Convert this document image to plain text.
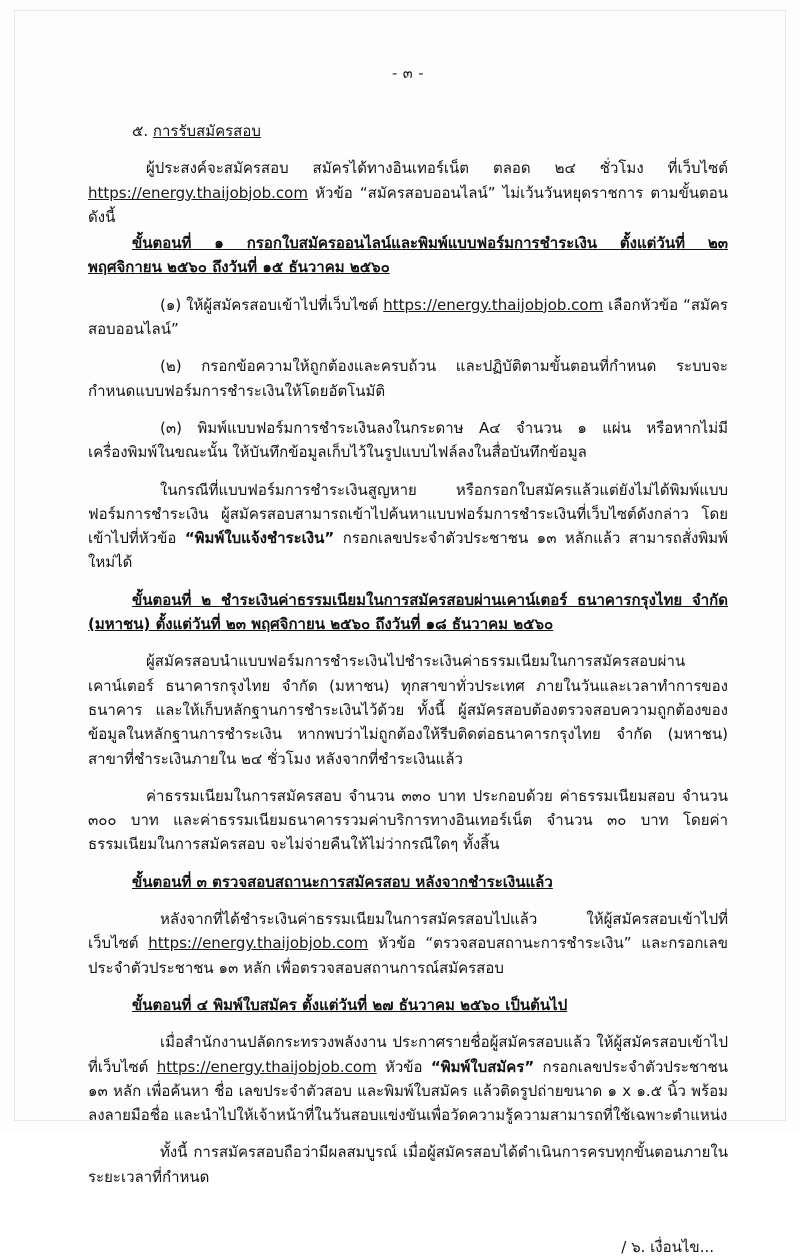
- ๓ -

๕. การรับสมัครสอบ

ผู้ประสงค์จะสมัครสอบ สมัครได้ทางอินเทอร์เน็ต ตลอด ๒๔ ชั่วโมง ที่เว็บไซต์ https://energy.thaijobjob.com หัวข้อ “สมัครสอบออนไลน์” ไม่เว้นวันหยุดราชการ ตามขั้นตอน ดังนี้

ขั้นตอนที่ ๑ กรอกใบสมัครออนไลน์และพิมพ์แบบฟอร์มการชำระเงิน ตั้งแต่วันที่ ๒๓ พฤศจิกายน ๒๕๖๐ ถึงวันที่ ๑๕ ธันวาคม ๒๕๖๐

(๑) ให้ผู้สมัครสอบเข้าไปที่เว็บไซต์ https://energy.thaijobjob.com เลือกหัวข้อ “สมัครสอบออนไลน์”

(๒) กรอกข้อความให้ถูกต้องและครบถ้วน และปฏิบัติตามขั้นตอนที่กำหนด ระบบจะกำหนดแบบฟอร์มการชำระเงินให้โดยอัตโนมัติ

(๓) พิมพ์แบบฟอร์มการชำระเงินลงในกระดาษ A๔ จำนวน ๑ แผ่น หรือหากไม่มีเครื่องพิมพ์ในขณะนั้น ให้บันทึกข้อมูลเก็บไว้ในรูปแบบไฟล์ลงในสื่อบันทึกข้อมูล

ในกรณีที่แบบฟอร์มการชำระเงินสูญหาย หรือกรอกใบสมัครแล้วแต่ยังไม่ได้พิมพ์แบบฟอร์มการชำระเงิน ผู้สมัครสอบสามารถเข้าไปค้นหาแบบฟอร์มการชำระเงินที่เว็บไซต์ดังกล่าว โดยเข้าไปที่หัวข้อ “พิมพ์ใบแจ้งชำระเงิน” กรอกเลขประจำตัวประชาชน ๑๓ หลักแล้ว สามารถสั่งพิมพ์ใหม่ได้

ขั้นตอนที่ ๒ ชำระเงินค่าธรรมเนียมในการสมัครสอบผ่านเคาน์เตอร์ ธนาคารกรุงไทย จำกัด (มหาชน) ตั้งแต่วันที่ ๒๓ พฤศจิกายน ๒๕๖๐ ถึงวันที่ ๑๘ ธันวาคม ๒๕๖๐

ผู้สมัครสอบนำแบบฟอร์มการชำระเงินไปชำระเงินค่าธรรมเนียมในการสมัครสอบผ่านเคาน์เตอร์ ธนาคารกรุงไทย จำกัด (มหาชน) ทุกสาขาทั่วประเทศ ภายในวันและเวลาทำการของธนาคาร และให้เก็บหลักฐานการชำระเงินไว้ด้วย ทั้งนี้ ผู้สมัครสอบต้องตรวจสอบความถูกต้องของข้อมูลในหลักฐานการชำระเงิน หากพบว่าไม่ถูกต้องให้รีบติดต่อธนาคารกรุงไทย จำกัด (มหาชน) สาขาที่ชำระเงินภายใน ๒๔ ชั่วโมง หลังจากที่ชำระเงินแล้ว

ค่าธรรมเนียมในการสมัครสอบ จำนวน ๓๓๐ บาท ประกอบด้วย ค่าธรรมเนียมสอบ จำนวน ๓๐๐ บาท และค่าธรรมเนียมธนาคารรวมค่าบริการทางอินเทอร์เน็ต จำนวน ๓๐ บาท โดยค่าธรรมเนียมในการสมัครสอบ จะไม่จ่ายคืนให้ไม่ว่ากรณีใดๆ ทั้งสิ้น

ขั้นตอนที่ ๓ ตรวจสอบสถานะการสมัครสอบ หลังจากชำระเงินแล้ว

หลังจากที่ได้ชำระเงินค่าธรรมเนียมในการสมัครสอบไปแล้ว ให้ผู้สมัครสอบเข้าไปที่เว็บไซต์ https://energy.thaijobjob.com หัวข้อ “ตรวจสอบสถานะการชำระเงิน” และกรอกเลขประจำตัวประชาชน ๑๓ หลัก เพื่อตรวจสอบสถานการณ์สมัครสอบ

ขั้นตอนที่ ๔ พิมพ์ใบสมัคร ตั้งแต่วันที่ ๒๗ ธันวาคม ๒๕๖๐ เป็นต้นไป

เมื่อสำนักงานปลัดกระทรวงพลังงาน ประกาศรายชื่อผู้สมัครสอบแล้ว ให้ผู้สมัครสอบเข้าไปที่เว็บไซต์ https://energy.thaijobjob.com หัวข้อ “พิมพ์ใบสมัคร” กรอกเลขประจำตัวประชาชน ๑๓ หลัก เพื่อค้นหา ชื่อ เลขประจำตัวสอบ และพิมพ์ใบสมัคร แล้วติดรูปถ่ายขนาด ๑ x ๑.๕ นิ้ว พร้อมลงลายมือชื่อ และนำไปให้เจ้าหน้าที่ในวันสอบแข่งขันเพื่อวัดความรู้ความสามารถที่ใช้เฉพาะตำแหน่ง

ทั้งนี้ การสมัครสอบถือว่ามีผลสมบูรณ์ เมื่อผู้สมัครสอบได้ดำเนินการครบทุกขั้นตอนภายในระยะเวลาที่กำหนด

/ ๖. เงื่อนไข...
